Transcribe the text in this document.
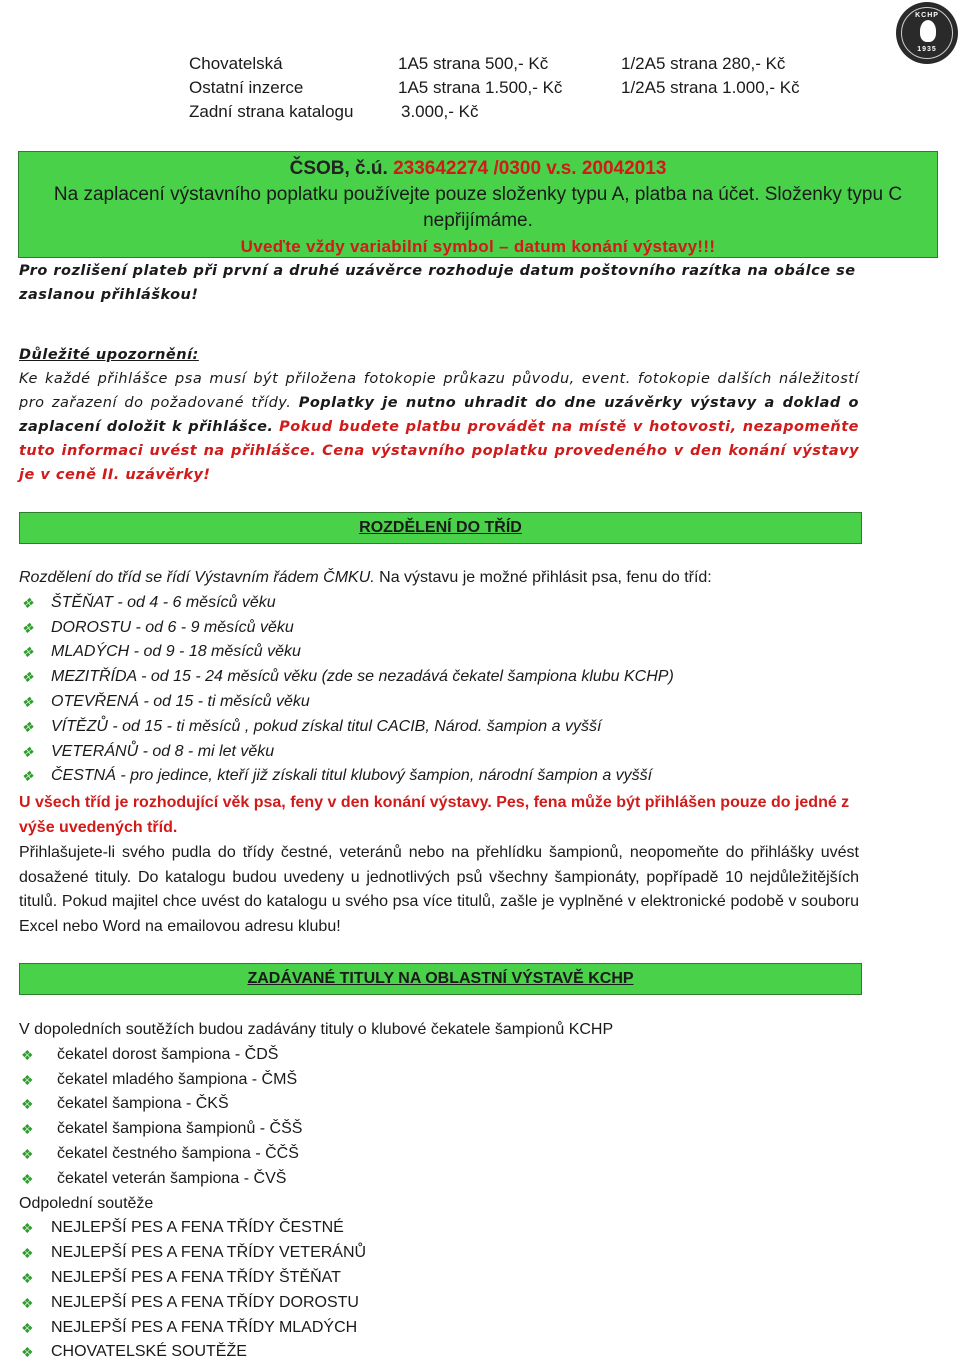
KCHP
1935
Chovatelská	1A5 strana 500,- Kč	1/2A5 strana 280,- Kč
Ostatní inzerce	1A5 strana 1.500,- Kč	1/2A5 strana 1.000,- Kč
Zadní strana katalogu	3.000,- Kč
ČSOB, č.ú. 233642274 /0300 v.s. 20042013
Na zaplacení výstavního poplatku používejte pouze složenky typu A, platba na účet. Složenky typu C
nepřijímáme.
Uveďte vždy variabilní symbol – datum konání výstavy!!!
Pro rozlišení plateb při první a druhé uzávěrce rozhoduje datum poštovního razítka na obálce se zaslanou přihláškou!
Důležité upozornění:
Ke každé přihlášce psa musí být přiložena fotokopie průkazu původu, event. fotokopie dalších náležitostí pro zařazení do požadované třídy. Poplatky je nutno uhradit do dne uzávěrky výstavy a doklad o zaplacení doložit k přihlášce. Pokud budete platbu provádět na místě v hotovosti, nezapomeňte tuto informaci uvést na přihlášce. Cena výstavního poplatku provedeného v den konání výstavy je v ceně II. uzávěrky!
ROZDĚLENÍ DO TŘÍD
Rozdělení do tříd se řídí Výstavním řádem ČMKU. Na výstavu je možné přihlásit psa, fenu do tříd:
❖ ŠTĚŇAT - od 4 - 6 měsíců věku
❖ DOROSTU - od 6 - 9 měsíců věku
❖ MLADÝCH - od 9 - 18 měsíců věku
❖ MEZITŘÍDA - od 15 - 24 měsíců věku (zde se nezadává čekatel šampiona klubu KCHP)
❖ OTEVŘENÁ - od 15 - ti měsíců věku
❖ VÍTĚZŮ - od 15 - ti měsíců , pokud získal titul CACIB, Národ. šampion a vyšší
❖ VETERÁNŮ - od 8 - mi let věku
❖ ČESTNÁ - pro jedince, kteří již získali titul klubový šampion, národní šampion a vyšší
U všech tříd je rozhodující věk psa, feny v den konání výstavy. Pes, fena může být přihlášen pouze do jedné z výše uvedených tříd.
Přihlašujete-li svého pudla do třídy čestné, veteránů nebo na přehlídku šampionů, neopomeňte do přihlášky uvést dosažené tituly. Do katalogu budou uvedeny u jednotlivých psů všechny šampionáty, popřípadě 10 nejdůležitějších titulů. Pokud majitel chce uvést do katalogu u svého psa více titulů, zašle je vyplněné v elektronické podobě v souboru Excel nebo Word na emailovou adresu klubu!
ZADÁVANÉ TITULY NA OBLASTNÍ VÝSTAVĚ KCHP
V dopoledních soutěžích budou zadávány tituly o klubové čekatele šampionů KCHP
❖ čekatel dorost šampiona - ČDŠ
❖ čekatel mladého šampiona - ČMŠ
❖ čekatel šampiona - ČKŠ
❖ čekatel šampiona šampionů - ČŠŠ
❖ čekatel čestného šampiona - ČČŠ
❖ čekatel veterán šampiona - ČVŠ
Odpolední soutěže
❖ NEJLEPŠÍ PES A FENA TŘÍDY ČESTNÉ
❖ NEJLEPŠÍ PES A FENA TŘÍDY VETERÁNŮ
❖ NEJLEPŠÍ PES A FENA TŘÍDY ŠTĚŇAT
❖ NEJLEPŠÍ PES A FENA TŘÍDY DOROSTU
❖ NEJLEPŠÍ PES A FENA TŘÍDY MLADÝCH
❖ CHOVATELSKÉ SOUTĚŽE
